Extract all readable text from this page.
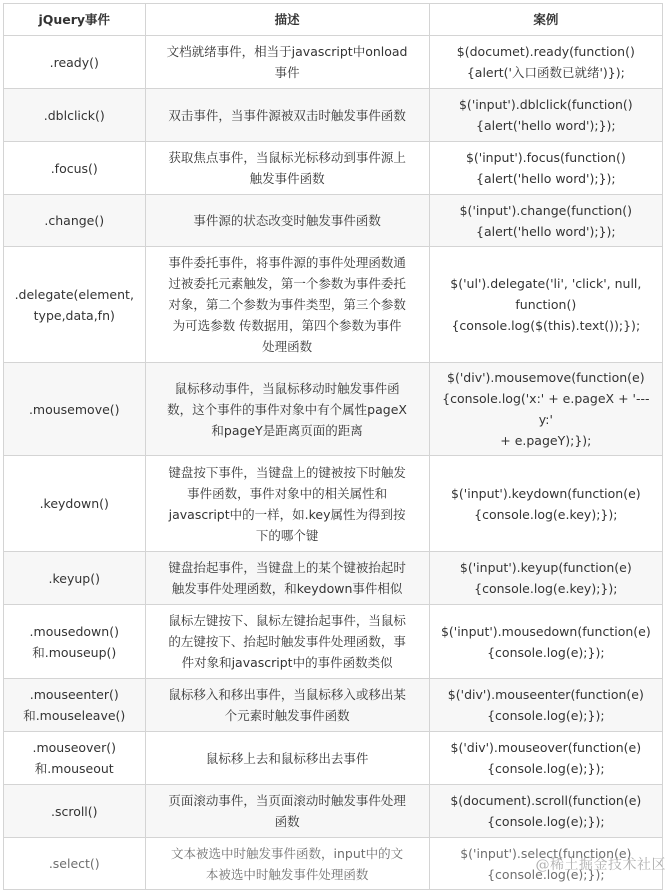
jQuery事件	描述	案例

.ready()	文档就绪事件，相当于javascript中onload
事件	$(documet).ready(function()
{alert('入口函数已就绪')});

.dblclick()	双击事件，当事件源被双击时触发事件函数	$('input').dblclick(function()
{alert('hello word');});

.focus()	获取焦点事件，当鼠标光标移动到事件源上
触发事件函数	$('input').focus(function()
{alert('hello word');});

.change()	事件源的状态改变时触发事件函数	$('input').change(function()
{alert('hello word');});

.delegate(element,
type,data,fn)	事件委托事件，将事件源的事件处理函数通
过被委托元素触发，第一个参数为事件委托
对象，第二个参数为事件类型，第三个参数
为可选参数 传数据用，第四个参数为事件
处理函数	$('ul').delegate('li', 'click', null,
function()
{console.log($(this).text());});

.mousemove()	鼠标移动事件，当鼠标移动时触发事件函
数，这个事件的事件对象中有个属性pageX
和pageY是距离页面的距离	$('div').mousemove(function(e)
{console.log('x:' + e.pageX + '---y:'
+ e.pageY);});

.keydown()	键盘按下事件，当键盘上的键被按下时触发
事件函数，事件对象中的相关属性和
javascript中的一样，如.key属性为得到按
下的哪个键	$('input').keydown(function(e)
{console.log(e.key);});

.keyup()	键盘抬起事件，当键盘上的某个键被抬起时
触发事件处理函数，和keydown事件相似	$('input').keyup(function(e)
{console.log(e.key);});

.mousedown()
和.mouseup()	鼠标左键按下、鼠标左键抬起事件，当鼠标
的左键按下、抬起时触发事件处理函数，事
件对象和javascript中的事件函数类似	$('input').mousedown(function(e)
{console.log(e);});

.mouseenter()
和.mouseleave()	鼠标移入和移出事件，当鼠标移入或移出某
个元素时触发事件函数	$('div').mouseenter(function(e)
{console.log(e);});

.mouseover()
和.mouseout	鼠标移上去和鼠标移出去事件	$('div').mouseover(function(e)
{console.log(e);});

.scroll()	页面滚动事件，当页面滚动时触发事件处理
函数	$(document).scroll(function(e)
{console.log(e);});

.select()	文本被选中时触发事件函数，input中的文
本被选中时触发事件处理函数	$('input').select(function(e)
{console.log(e);});
@稀土掘金技术社区
